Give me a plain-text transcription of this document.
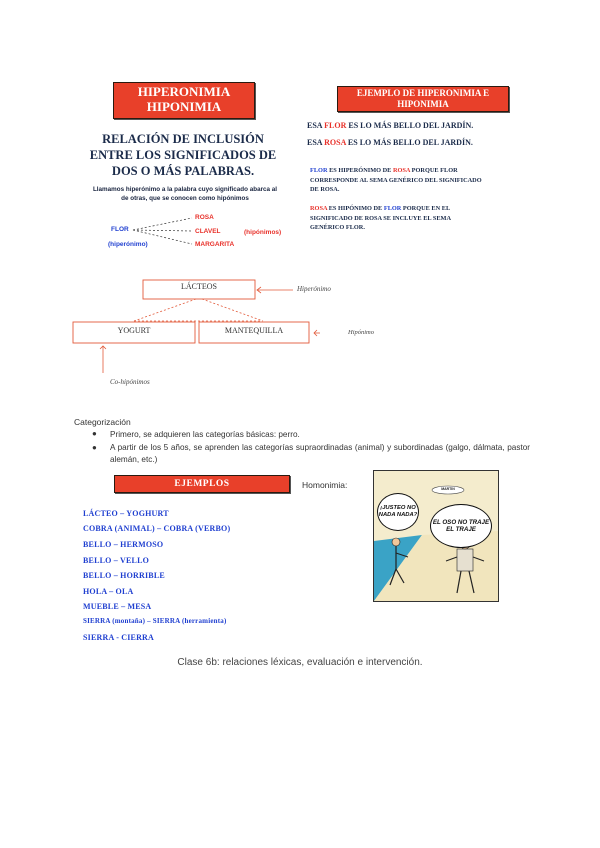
HIPERONIMIA
HIPONIMIA
EJEMPLO DE HIPERONIMIA E
HIPONIMIA
RELACIÓN DE INCLUSIÓN
ENTRE LOS SIGNIFICADOS DE
DOS O MÁS PALABRAS.
Llamamos hiperónimo a la palabra cuyo significado abarca al
de otras, que se conocen como hipónimos
FLOR
(hiperónimo)
ROSA
CLAVEL
MARGARITA
(hipónimos)
ESA FLOR ES LO MÁS BELLO DEL JARDÍN.
ESA ROSA ES LO MÁS BELLO DEL JARDÍN.
FLOR ES HIPERÓNIMO DE ROSA PORQUE FLOR
CORRESPONDE AL SEMA GENÉRICO DEL SIGNIFICADO
DE ROSA.
ROSA ES HIPÓNIMO DE FLOR PORQUE EN EL
SIGNIFICADO DE ROSA SE INCLUYE EL SEMA
GENÉRICO FLOR.
LÁCTEOS	Hiperónimo
YOGURT	MANTEQUILLA	Hipónimo
Co-hipónimos
Categorización
● Primero, se adquieren las categorías básicas: perro.
● A partir de los 5 años, se aprenden las categorías supraordinadas (animal) y subordinadas (galgo, dálmata, pastor alemán, etc.)
EJEMPLOS
LÁCTEO – YOGHURT
COBRA (ANIMAL) – COBRA (VERBO)
BELLO – HERMOSO
BELLO – VELLO
BELLO – HORRIBLE
HOLA – OLA
MUEBLE – MESA
SIERRA (montaña) – SIERRA (herramienta)
SIERRA - CIERRA
Homonimia:
¡JUSTEO NO NADA NADA?
EL OSO NO TRAJE EL TRAJE
MARTIN
Clase 6b: relaciones léxicas, evaluación e intervención.
